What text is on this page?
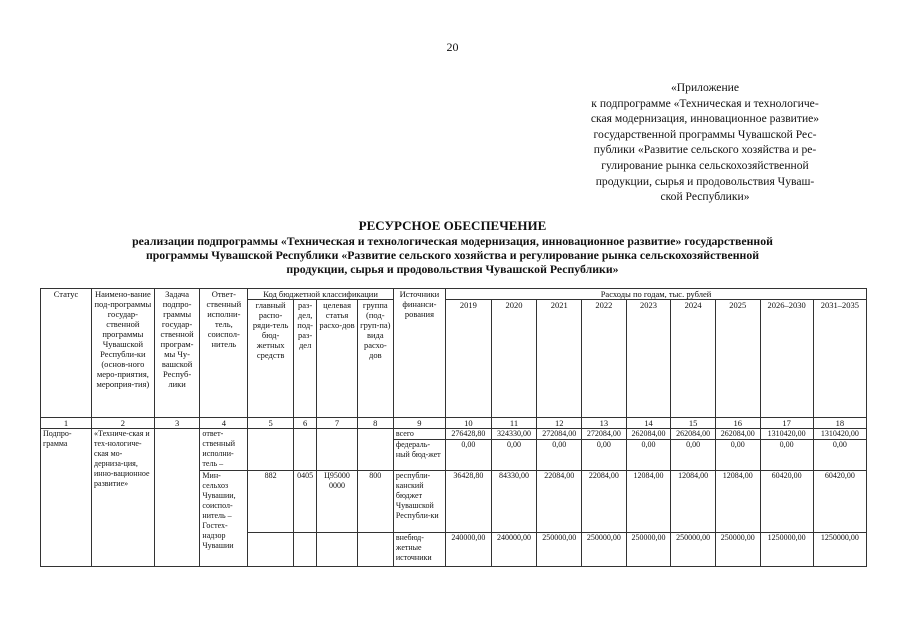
20
«Приложение
к подпрограмме «Техническая и технологиче-
ская модернизация, инновационное развитие»
государственной программы Чувашской Рес-
публики «Развитие сельского хозяйства и ре-
гулирование рынка сельскохозяйственной
продукции, сырья и продовольствия Чуваш-
ской Республики»
РЕСУРСНОЕ ОБЕСПЕЧЕНИЕ
реализации подпрограммы «Техническая и технологическая модернизация, инновационное развитие» государственной
программы Чувашской Республики «Развитие сельского хозяйства и регулирование рынка сельскохозяйственной
продукции, сырья и продовольствия Чувашской Республики»
Статус	Наимено-вание под-программы государ-ственной программы Чувашской Республи-ки (основ-ного меро-приятия, мероприя-тия)	Задача подпро-граммы государ-ственной програм-мы Чу-вашской Респуб-лики	Ответ-ственный исполни-тель, соиспол-нитель	Код бюджетной классификации				Источники финанси-рования	Расходы по годам, тыс. рублей								
				главный распо-ряди-тель бюд-жетных средств	раз-дел, под-раз-дел	целевая статья расхо-дов	группа (под-груп-па) вида расхо-дов		2019	2020	2021	2022	2023	2024	2025	2026–2030	2031–2035
1	2	3	4	5	6	7	8	9	10	11	12	13	14	15	16	17	18
Подпро-грамма	«Техниче-ская и тех-нологиче-ская мо-дерниза-ция, инно-вационное развитие»		ответ-ственный исполни-тель –					всего	276428,80	324330,00	272084,00	272084,00	262084,00	262084,00	262084,00	1310420,00	1310420,00
								федераль-ный бюд-жет	0,00	0,00	0,00	0,00	0,00	0,00	0,00	0,00	0,00
			Мин-сельхоз Чувашии, соиспол-нитель – Гостех-надзор Чувашии	882	0405	Ц95000 0000	800	республи-канский бюджет Чувашской Республи-ки	36428,80	84330,00	22084,00	22084,00	12084,00	12084,00	12084,00	60420,00	60420,00
								внебюд-жетные источники	240000,00	240000,00	250000,00	250000,00	250000,00	250000,00	250000,00	1250000,00	1250000,00
